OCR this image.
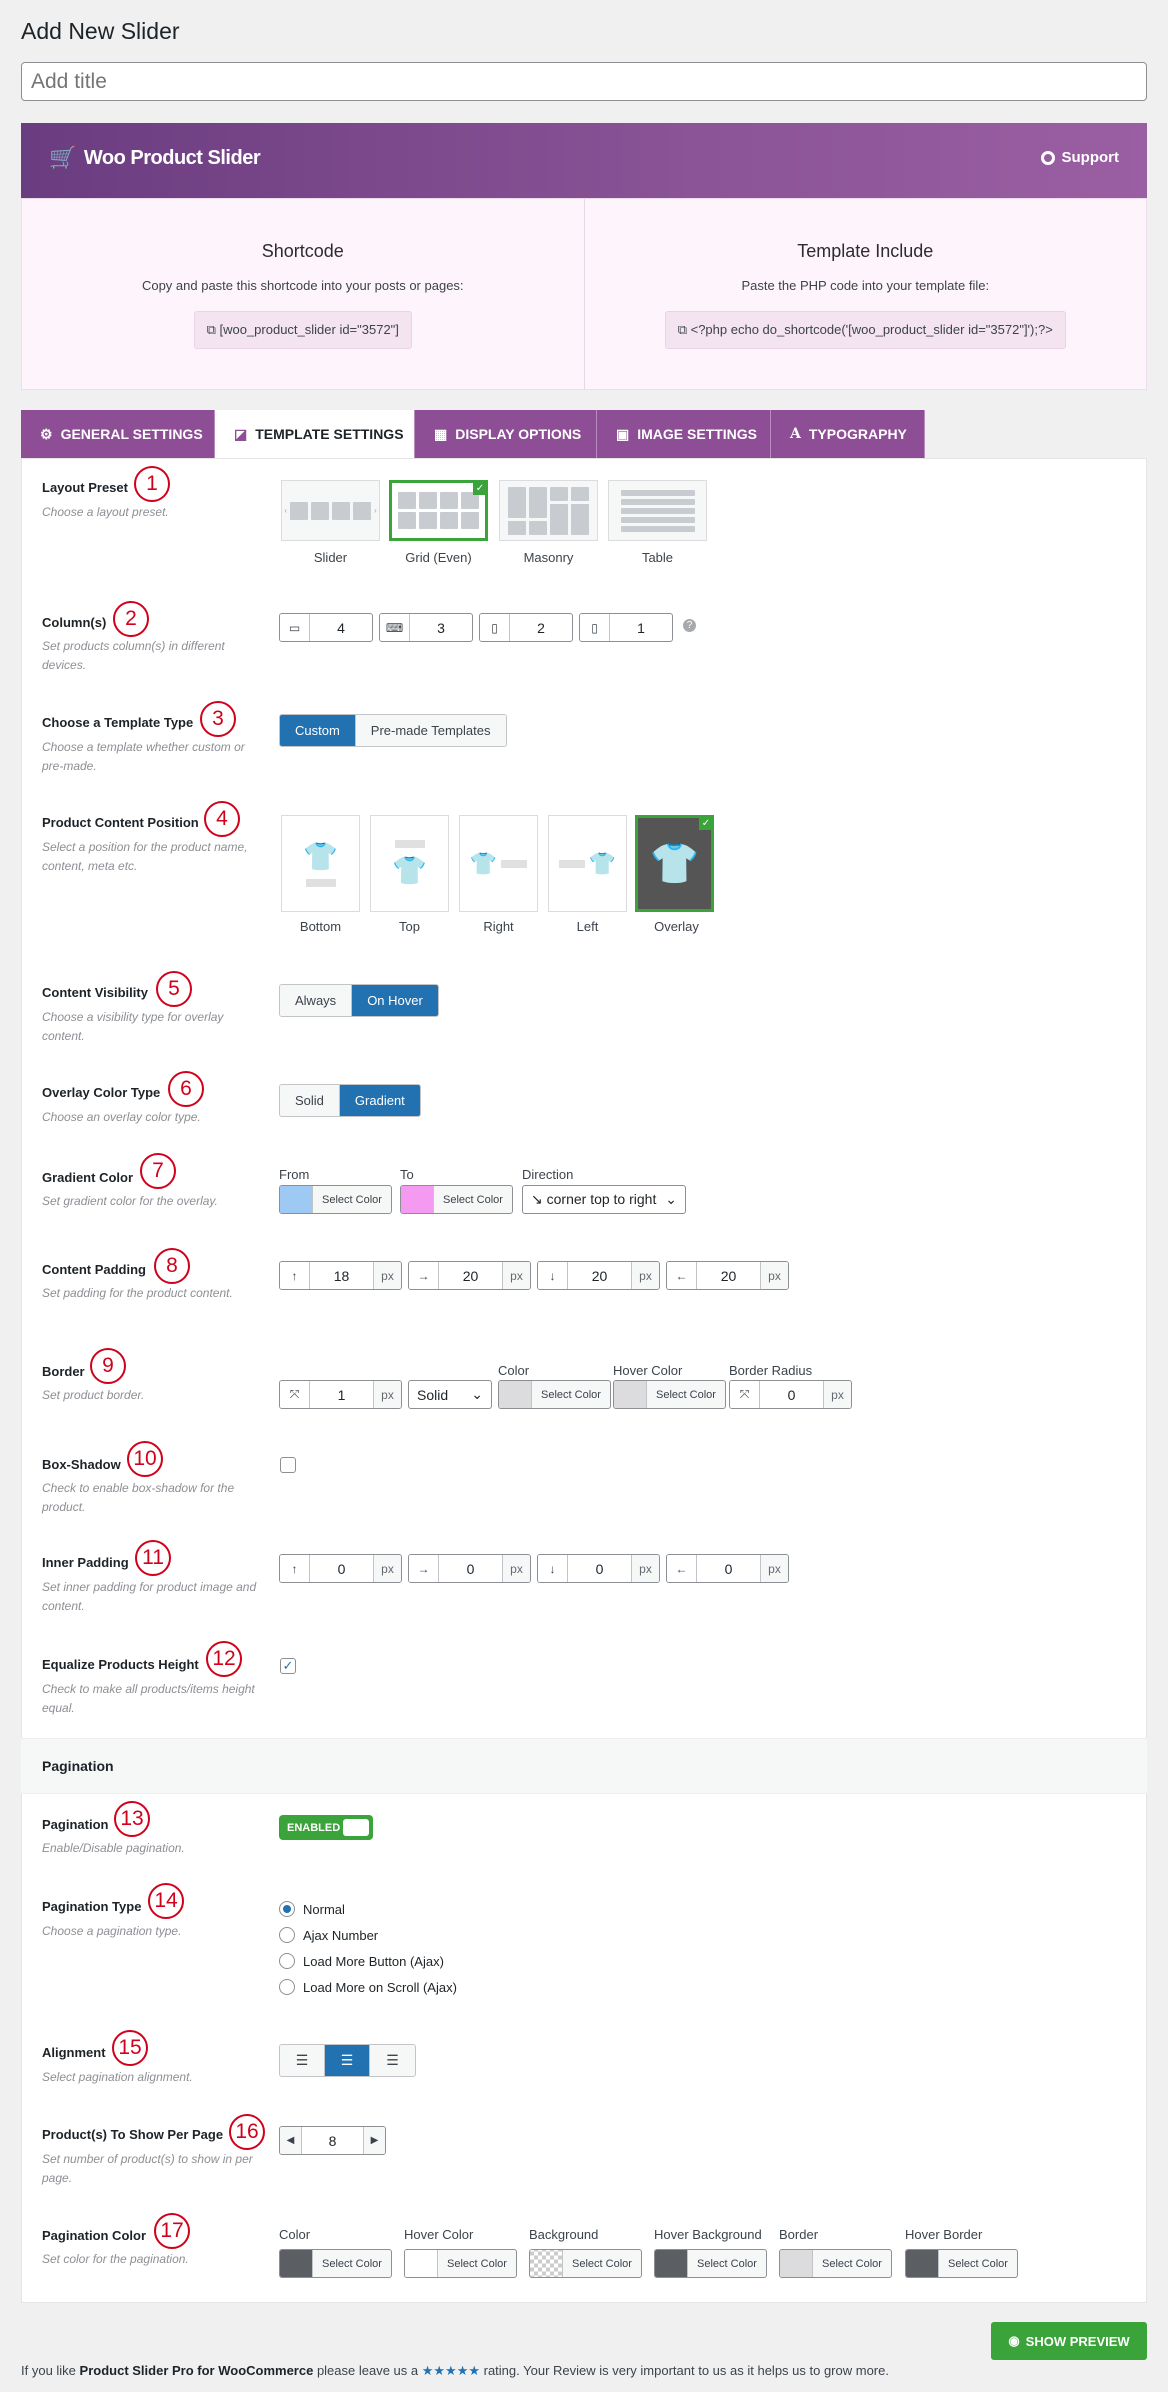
Add New Slider
Add title
🛒 Woo Product Slider	Support
Shortcode
Copy and paste this shortcode into your posts or pages:
⧉ [woo_product_slider id="3572"]
Template Include
Paste the PHP code into your template file:
⧉ <?php echo do_shortcode('[woo_product_slider id="3572"]');?>
⚙ GENERAL SETTINGS ◪ TEMPLATE SETTINGS ▦ DISPLAY OPTIONS ▣ IMAGE SETTINGS A TYPOGRAPHY
Layout Preset 1
Choose a layout preset.	‹	›
✓
Slider	Grid (Even)	Masonry	Table
Column(s) 2
Set products column(s) in different devices.
▭	4	⌨	3	▯	2	▯	1	?
Choose a Template Type 3
Choose a template whether custom or pre-made.
Custom	Pre-made Templates
Product Content Position 4
Select a position for the product name, content, meta etc.	👕 👕 👕	👕 👕
✓
Bottom	Top	Right	Left	Overlay
Content Visibility 5
Choose a visibility type for overlay content.
Always	On Hover
Overlay Color Type 6
Choose an overlay color type.
Solid	Gradient
Gradient Color 7
Set gradient color for the overlay.
From
Select Color
To
Select Color
Direction
↘ corner top to right ⌄
Content Padding 8
Set padding for the product content.
↑	18	px	→	20	px	↓	20	px	←	20	px
Border 9
Set product border.	⤧	1	px	Solid ⌄
Color
Select Color
Hover Color
Select Color
Border Radius
⤧	0	px
Box-Shadow 10
Check to enable box-shadow for the product.
Inner Padding 11
Set inner padding for product image and content.
↑	0	px	→	0	px	↓	0	px	←	0	px
Equalize Products Height 12
Check to make all products/items height equal.
✓
Pagination
Pagination 13
Enable/Disable pagination.
ENABLED
Pagination Type 14
Choose a pagination type.
Normal
Ajax Number
Load More Button (Ajax)
Load More on Scroll (Ajax)
Alignment 15
Select pagination alignment.
☰	☰	☰
Product(s) To Show Per Page 16
Set number of product(s) to show in per page.
◀	8	▶
Pagination Color 17
Set color for the pagination.
Color
Select Color
Hover Color
Select Color
Background
Select Color
Hover Background
Select Color
Border
Select Color
Hover Border
Select Color
◉ SHOW PREVIEW
If you like Product Slider Pro for WooCommerce please leave us a ★★★★★ rating. Your Review is very important to us as it helps us to grow more.
